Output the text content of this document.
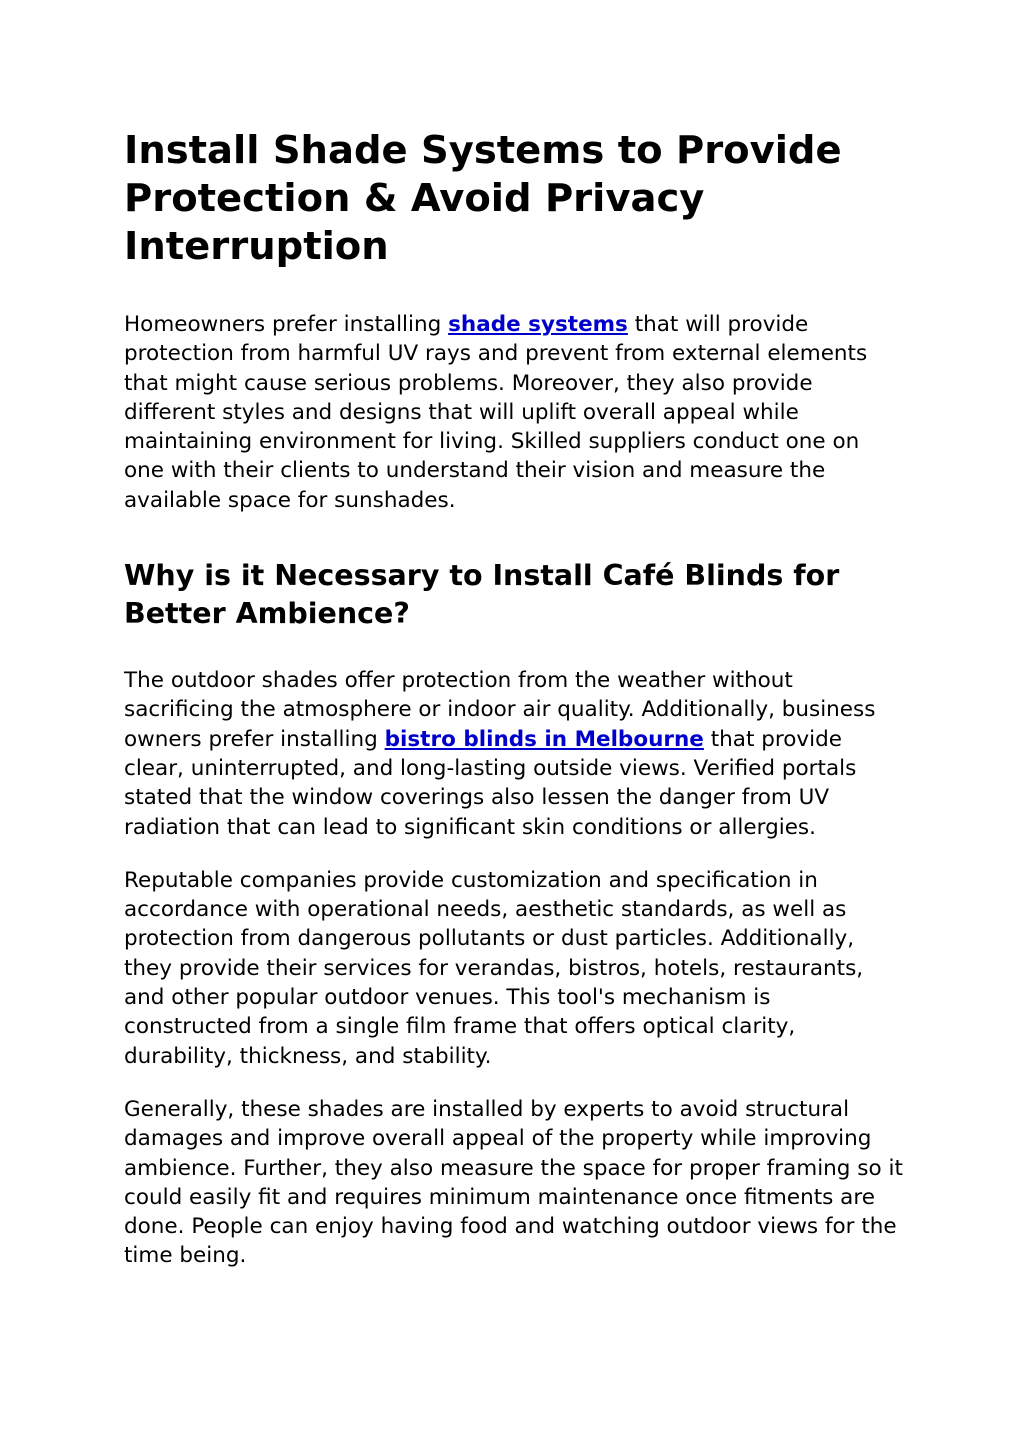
Install Shade Systems to Provide Protection & Avoid Privacy Interruption

Homeowners prefer installing shade systems that will provide protection from harmful UV rays and prevent from external elements that might cause serious problems. Moreover, they also provide different styles and designs that will uplift overall appeal while maintaining environment for living. Skilled suppliers conduct one on one with their clients to understand their vision and measure the available space for sunshades.

Why is it Necessary to Install Café Blinds for Better Ambience?

The outdoor shades offer protection from the weather without sacrificing the atmosphere or indoor air quality. Additionally, business owners prefer installing bistro blinds in Melbourne that provide clear, uninterrupted, and long-lasting outside views. Verified portals stated that the window coverings also lessen the danger from UV radiation that can lead to significant skin conditions or allergies.

Reputable companies provide customization and specification in accordance with operational needs, aesthetic standards, as well as protection from dangerous pollutants or dust particles. Additionally, they provide their services for verandas, bistros, hotels, restaurants, and other popular outdoor venues. This tool's mechanism is constructed from a single film frame that offers optical clarity, durability, thickness, and stability.

Generally, these shades are installed by experts to avoid structural damages and improve overall appeal of the property while improving ambience. Further, they also measure the space for proper framing so it could easily fit and requires minimum maintenance once fitments are done. People can enjoy having food and watching outdoor views for the time being.
